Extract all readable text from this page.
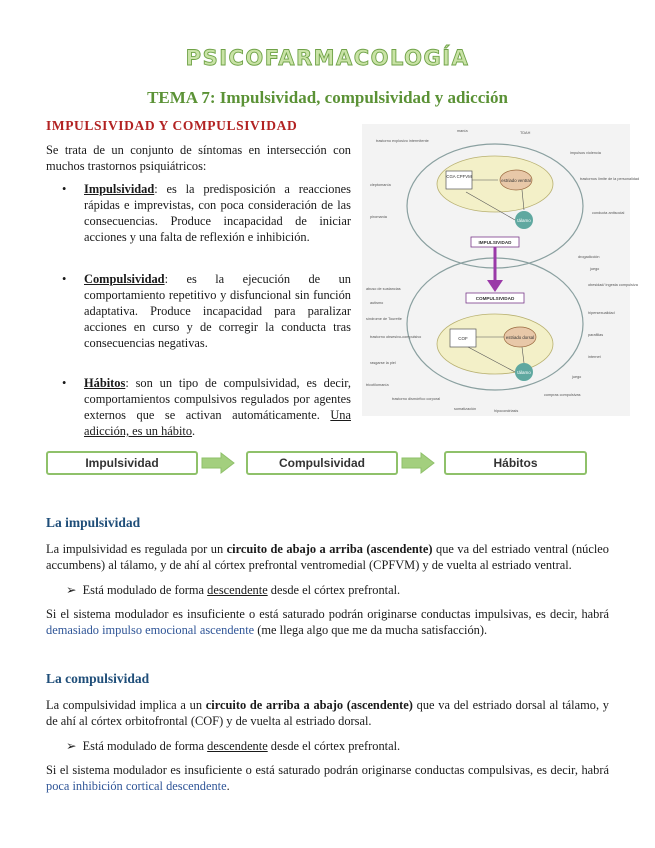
PSICOFARMACOLOGÍA
TEMA 7: Impulsividad, compulsividad y adicción
IMPULSIVIDAD Y COMPULSIVIDAD

Se trata de un conjunto de síntomas en intersección con muchos trastornos psiquiátricos:

• Impulsividad: es la predisposición a reacciones rápidas e imprevistas, con poca consideración de las consecuencias. Produce incapacidad de iniciar acciones y una falta de reflexión e inhibición.
• Compulsividad: es la ejecución de un comportamiento repetitivo y disfuncional sin función adaptativa. Produce incapacidad para paralizar acciones en curso y de corregir la conducta tras consecuencias negativas.
• Hábitos: son un tipo de compulsividad, es decir, comportamientos compulsivos regulados por agentes externos que se activan automáticamente. Una adicción, es un hábito.
CGA CPFVM
estriado ventral
tálamo
IMPULSIVIDAD
COMPULSIVIDAD
COF	estriado dorsal
tálamo
manía	TDAH
trastorno explosivo intermitente
impulsos violencia
cleptomanía
trastornos límite de la personalidad
piromanía
conducta antisocial
abuso de sustancias
drogadicción
juego
obesidad/ ingesta compulsiva
hipersexualidad
parafilias
internet
compras compulsivas
tricotilomanía
trastorno dismórfico corporal
síndrome de Tourette
rasgarse la piel
autismo
trastorno obsesivo-compulsivo
somatización	hipocondriasis
juego
Impulsividad	Compulsividad	Hábitos
La impulsividad

La impulsividad es regulada por un circuito de abajo a arriba (ascendente) que va del estriado ventral (núcleo accumbens) al tálamo, y de ahí al córtex prefrontal ventromedial (CPFVM) y de vuelta al estriado ventral.

➢ Está modulado de forma descendente desde el córtex prefrontal.

Si el sistema modulador es insuficiente o está saturado podrán originarse conductas impulsivas, es decir, habrá demasiado impulso emocional ascendente (me llega algo que me da mucha satisfacción).

La compulsividad

La compulsividad implica a un circuito de arriba a abajo (ascendente) que va del estriado dorsal al tálamo, y de ahí al córtex orbitofrontal (COF) y de vuelta al estriado dorsal.

➢ Está modulado de forma descendente desde el córtex prefrontal.

Si el sistema modulador es insuficiente o está saturado podrán originarse conductas compulsivas, es decir, habrá poca inhibición cortical descendente.
